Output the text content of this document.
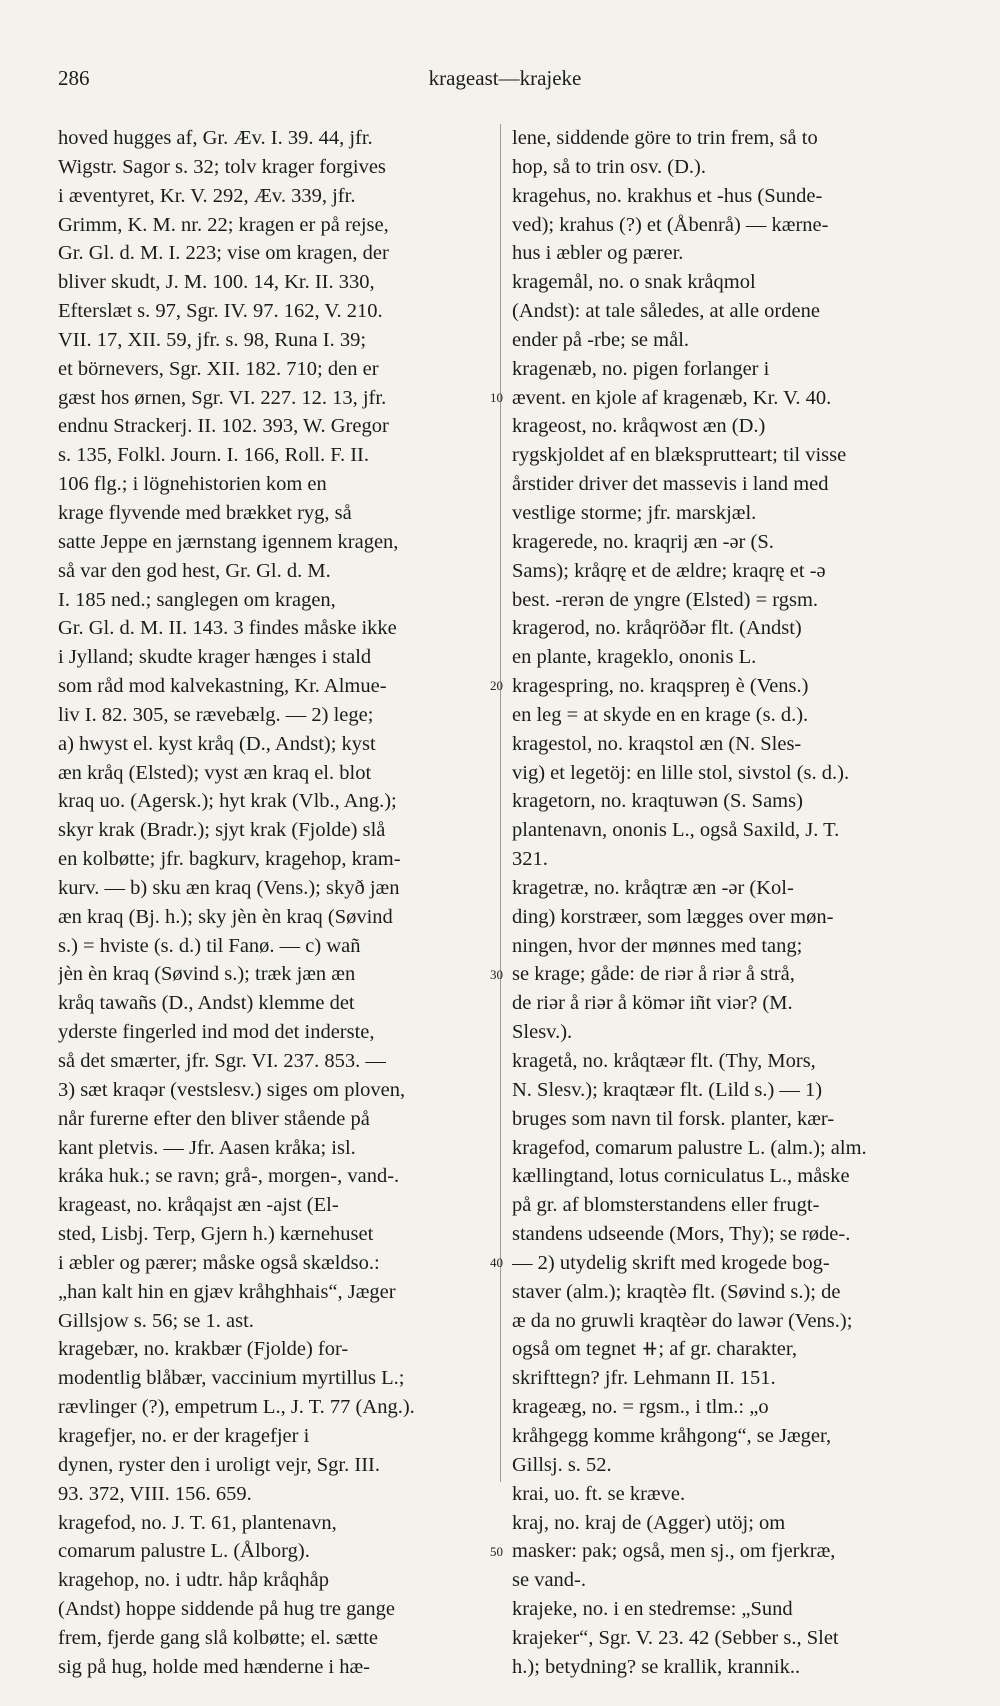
286	krageast—krajeke
hoved hugges af, Gr. Æv. I. 39. 44, jfr.
Wigstr. Sagor s. 32; tolv krager forgives
i æventyret, Kr. V. 292, Æv. 339, jfr.
Grimm, K. M. nr. 22; kragen er på rejse,
Gr. Gl. d. M. I. 223; vise om kragen, der
bliver skudt, J. M. 100. 14, Kr. II. 330,
Efterslæt s. 97, Sgr. IV. 97. 162, V. 210.
VII. 17, XII. 59, jfr. s. 98, Runa I. 39;
et börnevers, Sgr. XII. 182. 710; den er
gæst hos ørnen, Sgr. VI. 227. 12. 13, jfr.
endnu Strackerj. II. 102. 393, W. Gregor
s. 135, Folkl. Journ. I. 166, Roll. F. II.
106 flg.; i lögnehistorien kom en
krage flyvende med brækket ryg, så
satte Jeppe en jærnstang igennem kragen,
så var den god hest, Gr. Gl. d. M.
I. 185 ned.; sanglegen om kragen,
Gr. Gl. d. M. II. 143. 3 findes måske ikke
i Jylland; skudte krager hænges i stald
som råd mod kalvekastning, Kr. Almue-
liv I. 82. 305, se rævebælg. — 2) lege;
a) hwyst el. kyst kråq (D., Andst); kyst
æn kråq (Elsted); vyst æn kraq el. blot
kraq uo. (Agersk.); hyt krak (Vlb., Ang.);
skyr krak (Bradr.); sjyt krak (Fjolde) slå
en kolbøtte; jfr. bagkurv, kragehop, kram-
kurv. — b) sku æn kraq (Vens.); skyð jæn
æn kraq (Bj. h.); sky jèn èn kraq (Søvind
s.) = hviste (s. d.) til Fanø. — c) wañ
jèn èn kraq (Søvind s.); træk jæn æn
kråq tawañs (D., Andst) klemme det
yderste fingerled ind mod det inderste,
så det smærter, jfr. Sgr. VI. 237. 853. —
3) sæt kraqər (vestslesv.) siges om ploven,
når furerne efter den bliver stående på
kant pletvis. — Jfr. Aasen kråka; isl.
kráka huk.; se ravn; grå-, morgen-, vand-.
krageast, no. kråqajst æn -ajst (El-
sted, Lisbj. Terp, Gjern h.) kærnehuset
i æbler og pærer; måske også skældso.:
„han kalt hin en gjæv kråhghhais“, Jæger
Gillsjow s. 56; se 1. ast.
kragebær, no. krakbær (Fjolde) for-
modentlig blåbær, vaccinium myrtillus L.;
rævlinger (?), empetrum L., J. T. 77 (Ang.).
kragefjer, no. er der kragefjer i
dynen, ryster den i uroligt vejr, Sgr. III.
93. 372, VIII. 156. 659.
kragefod, no. J. T. 61, plantenavn,
comarum palustre L. (Ålborg).
kragehop, no. i udtr. håp kråqhåp
(Andst) hoppe siddende på hug tre gange
frem, fjerde gang slå kolbøtte; el. sætte
sig på hug, holde med hænderne i hæ-
lene, siddende göre to trin frem, så to
hop, så to trin osv. (D.).
kragehus, no. krakhus et -hus (Sunde-
ved); krahus (?) et (Åbenrå) — kærne-
hus i æbler og pærer.
kragemål, no. o snak kråqmol
(Andst): at tale således, at alle ordene
ender på -rbe; se mål.
kragenæb, no. pigen forlanger i
ævent. en kjole af kragenæb, Kr. V. 40.
krageost, no. kråqwost æn (D.)
rygskjoldet af en blæksprutteart; til visse
årstider driver det massevis i land med
vestlige storme; jfr. marskjæl.
kragerede, no. kraqrij æn -ər (S.
Sams); kråqrę et de ældre; kraqrę et -ə
best. -rerən de yngre (Elsted) = rgsm.
kragerod, no. kråqröðər flt. (Andst)
en plante, krageklo, ononis L.
kragespring, no. kraqspreŋ è (Vens.)
en leg = at skyde en en krage (s. d.).
kragestol, no. kraqstol æn (N. Sles-
vig) et legetöj: en lille stol, sivstol (s. d.).
kragetorn, no. kraqtuwən (S. Sams)
plantenavn, ononis L., også Saxild, J. T.
321.
kragetræ, no. kråqtræ æn -ər (Kol-
ding) korstræer, som lægges over møn-
ningen, hvor der mønnes med tang;
se krage; gåde: de riər å riər å strå,
de riər å riər å kömər iñt viər? (M.
Slesv.).
kragetå, no. kråqtæər flt. (Thy, Mors,
N. Slesv.); kraqtæər flt. (Lild s.) — 1)
bruges som navn til forsk. planter, kær-
kragefod, comarum palustre L. (alm.); alm.
kællingtand, lotus corniculatus L., måske
på gr. af blomsterstandens eller frugt-
standens udseende (Mors, Thy); se røde-.
— 2) utydelig skrift med krogede bog-
staver (alm.); kraqtèə flt. (Søvind s.); de
æ da no gruwli kraqtèər do lawər (Vens.);
også om tegnet ⧺; af gr. charakter,
skrifttegn? jfr. Lehmann II. 151.
krageæg, no. = rgsm., i tlm.: „o
kråhgegg komme kråhgong“, se Jæger,
Gillsj. s. 52.
krai, uo. ft. se kræve.
kraj, no. kraj de (Agger) utöj; om
masker: pak; også, men sj., om fjerkræ,
se vand-.
krajeke, no. i en stedremse: „Sund
krajeker“, Sgr. V. 23. 42 (Sebber s., Slet
h.); betydning? se krallik, krannik..
10
20
30
40
50
